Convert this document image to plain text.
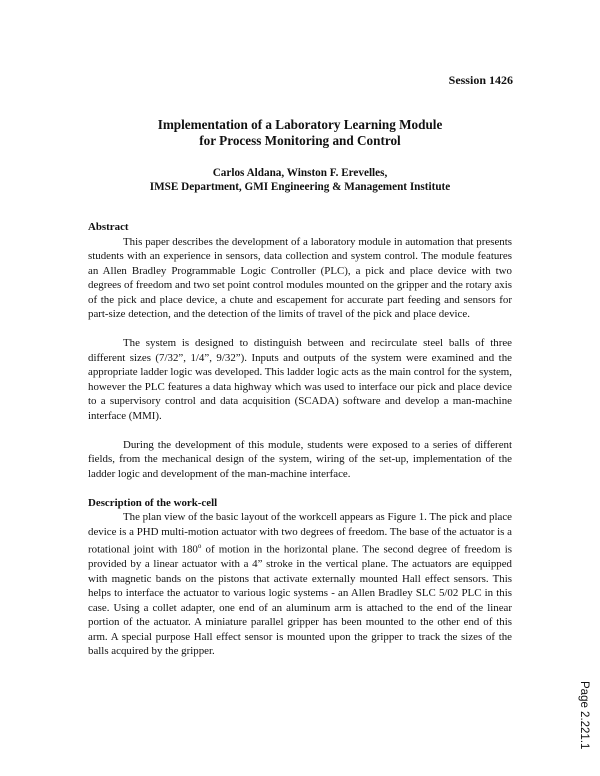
Session 1426
Implementation of a Laboratory Learning Module
for Process Monitoring and Control
Carlos Aldana, Winston F. Erevelles,
IMSE Department, GMI Engineering & Management Institute
Abstract

This paper describes the development of a laboratory module in automation that presents students with an experience in sensors, data collection and system control. The module features an Allen Bradley Programmable Logic Controller (PLC), a pick and place device with two degrees of freedom and two set point control modules mounted on the gripper and the rotary axis of the pick and place device, a chute and escapement for accurate part feeding and sensors for part-size detection, and the detection of the limits of travel of the pick and place device.

The system is designed to distinguish between and recirculate steel balls of three different sizes (7/32”, 1/4”, 9/32”). Inputs and outputs of the system were examined and the appropriate ladder logic was developed. This ladder logic acts as the main control for the system, however the PLC features a data highway which was used to interface our pick and place device to a supervisory control and data acquisition (SCADA) software and develop a man-machine interface (MMI).

During the development of this module, students were exposed to a series of different fields, from the mechanical design of the system, wiring of the set-up, implementation of the ladder logic and development of the man-machine interface.

Description of the work-cell

The plan view of the basic layout of the workcell appears as Figure 1. The pick and place device is a PHD multi-motion actuator with two degrees of freedom. The base of the actuator is a rotational joint with 180$^o$ of motion in the horizontal plane. The second degree of freedom is provided by a linear actuator with a 4” stroke in the vertical plane. The actuators are equipped with magnetic bands on the pistons that activate externally mounted Hall effect sensors. This helps to interface the actuator to various logic systems - an Allen Bradley SLC 5/02 PLC in this case. Using a collet adapter, one end of an aluminum arm is attached to the end of the linear portion of the actuator. A miniature parallel gripper has been mounted to the other end of this arm. A special purpose Hall effect sensor is mounted upon the gripper to track the sizes of the balls acquired by the gripper.

Page 2.221.1
